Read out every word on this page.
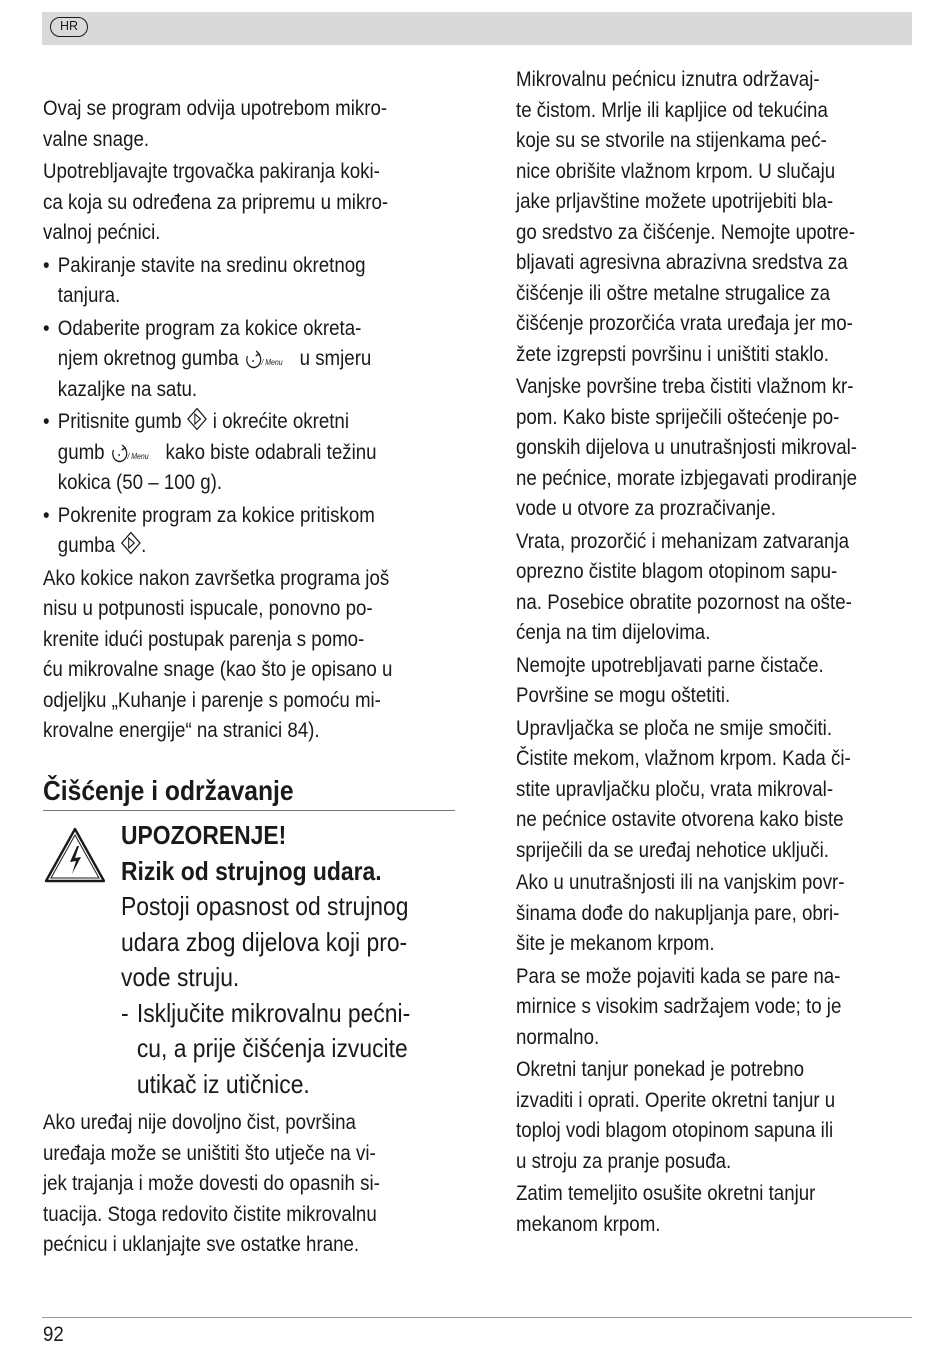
HR
Ovaj se program odvija upotrebom mikro-
valne snage.
Upotrebljavajte trgovačka pakiranja koki-
ca koja su određena za pripremu u mikro-
valnoj pećnici.
• Pakiranje stavite na sredinu okretnog
tanjura.
• Odaberite program za kokice okreta-
njem okretnog gumba	/ Menu u smjeru
kazaljke na satu.
• Pritisnite gumb i okrećite okretni
gumb	/ Menu kako biste odabrali težinu
kokica (50 – 100 g).
• Pokrenite program za kokice pritiskom
gumba .
Ako kokice nakon završetka programa još
nisu u potpunosti ispucale, ponovno po-
krenite idući postupak parenja s pomo-
ću mikrovalne snage (kao što je opisano u
odjeljku „Kuhanje i parenje s pomoću mi-
krovalne energije“ na stranici 84).
Čišćenje i održavanje
UPOZORENJE!
Rizik od strujnog udara.
Postoji opasnost od strujnog
udara zbog dijelova koji pro-
vode struju.
- Isključite mikrovalnu pećni-
cu, a prije čišćenja izvucite
utikač iz utičnice.
Ako uređaj nije dovoljno čist, površina
uređaja može se uništiti što utječe na vi-
jek trajanja i može dovesti do opasnih si-
tuacija. Stoga redovito čistite mikrovalnu
pećnicu i uklanjajte sve ostatke hrane.
Mikrovalnu pećnicu iznutra održavaj-
te čistom. Mrlje ili kapljice od tekućina
koje su se stvorile na stijenkama peć-
nice obrišite vlažnom krpom. U slučaju
jake prljavštine možete upotrijebiti bla-
go sredstvo za čišćenje. Nemojte upotre-
bljavati agresivna abrazivna sredstva za
čišćenje ili oštre metalne strugalice za
čišćenje prozorčića vrata uređaja jer mo-
žete izgrepsti površinu i uništiti staklo.
Vanjske površine treba čistiti vlažnom kr-
pom. Kako biste spriječili oštećenje po-
gonskih dijelova u unutrašnjosti mikroval-
ne pećnice, morate izbjegavati prodiranje
vode u otvore za prozračivanje.
Vrata, prozorčić i mehanizam zatvaranja
oprezno čistite blagom otopinom sapu-
na. Posebice obratite pozornost na ošte-
ćenja na tim dijelovima.
Nemojte upotrebljavati parne čistače.
Površine se mogu oštetiti.
Upravljačka se ploča ne smije smočiti.
Čistite mekom, vlažnom krpom. Kada či-
stite upravljačku ploču, vrata mikroval-
ne pećnice ostavite otvorena kako biste
spriječili da se uređaj nehotice uključi.
Ako u unutrašnjosti ili na vanjskim povr-
šinama dođe do nakupljanja pare, obri-
šite je mekanom krpom.
Para se može pojaviti kada se pare na-
mirnice s visokim sadržajem vode; to je
normalno.
Okretni tanjur ponekad je potrebno
izvaditi i oprati. Operite okretni tanjur u
toploj vodi blagom otopinom sapuna ili
u stroju za pranje posuđa.
Zatim temeljito osušite okretni tanjur
mekanom krpom.
92
